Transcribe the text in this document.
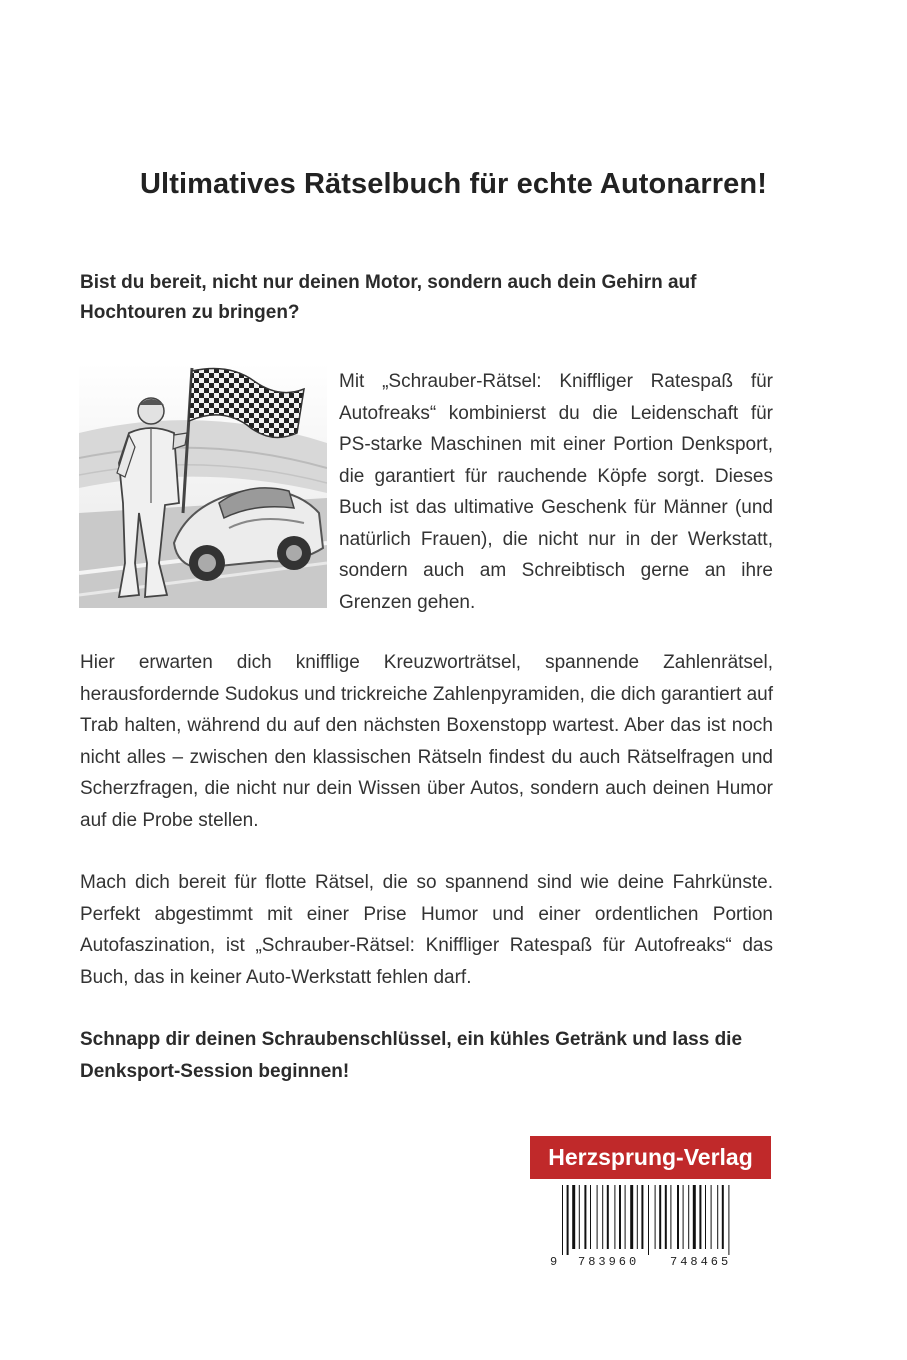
Ultimatives Rätselbuch für echte Autonarren!
Bist du bereit, nicht nur deinen Motor, sondern auch dein Gehirn auf Hochtouren zu bringen?

Mit „Schrauber-Rätsel: Kniffliger Ratespaß für Autofreaks“ kombinierst du die Leidenschaft für PS-starke Maschinen mit einer Portion Denksport, die garantiert für rauchende Köpfe sorgt. Dieses Buch ist das ultimative Geschenk für Männer (und natürlich Frauen), die nicht nur in der Werkstatt, sondern auch am Schreibtisch gerne an ihre Grenzen gehen.

Hier erwarten dich knifflige Kreuzworträtsel, spannende Zahlenrätsel, herausfordernde Sudokus und trickreiche Zahlenpyramiden, die dich garantiert auf Trab halten, während du auf den nächsten Boxenstopp wartest. Aber das ist noch nicht alles – zwischen den klassischen Rätseln findest du auch Rätselfragen und Scherzfragen, die nicht nur dein Wissen über Autos, sondern auch deinen Humor auf die Probe stellen.

Mach dich bereit für flotte Rätsel, die so spannend sind wie deine Fahrkünste. Perfekt abgestimmt mit einer Prise Humor und einer ordentlichen Portion Autofaszination, ist „Schrauber-Rätsel: Kniffliger Ratespaß für Autofreaks“ das Buch, das in keiner Auto-Werkstatt fehlen darf.

Schnapp dir deinen Schraubenschlüssel, ein kühles Getränk und lass die Denksport-Session beginnen!

Herzsprung-Verlag
9 783960	748465
